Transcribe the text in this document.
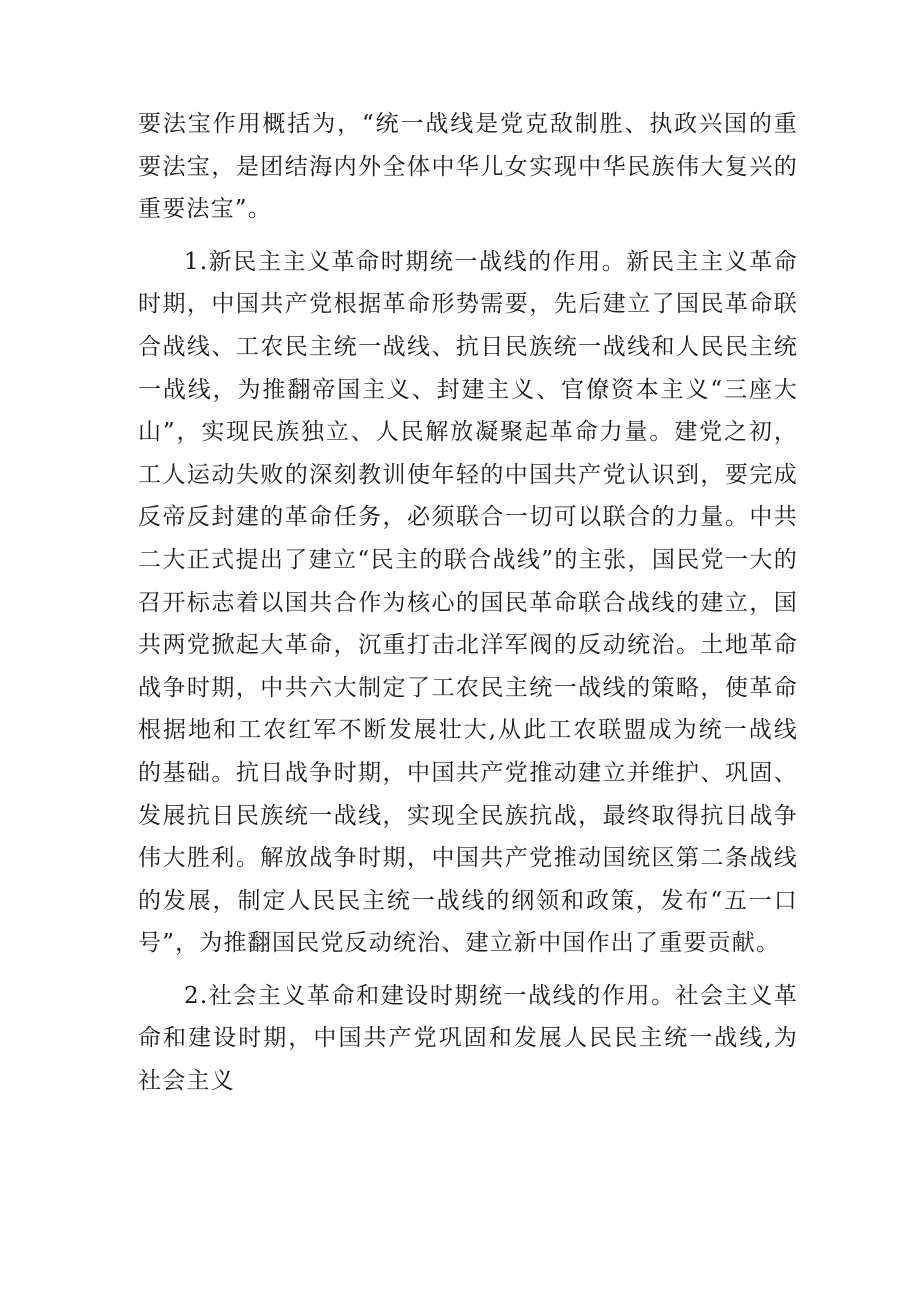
要法宝作用概括为，“统一战线是党克敌制胜、执政兴国的重要法宝，是团结海内外全体中华儿女实现中华民族伟大复兴的重要法宝”。

1.新民主主义革命时期统一战线的作用。新民主主义革命时期，中国共产党根据革命形势需要，先后建立了国民革命联合战线、工农民主统一战线、抗日民族统一战线和人民民主统一战线，为推翻帝国主义、封建主义、官僚资本主义“三座大山”，实现民族独立、人民解放凝聚起革命力量。建党之初，工人运动失败的深刻教训使年轻的中国共产党认识到，要完成反帝反封建的革命任务，必须联合一切可以联合的力量。中共二大正式提出了建立“民主的联合战线”的主张，国民党一大的召开标志着以国共合作为核心的国民革命联合战线的建立，国共两党掀起大革命，沉重打击北洋军阀的反动统治。土地革命战争时期，中共六大制定了工农民主统一战线的策略，使革命根据地和工农红军不断发展壮大,从此工农联盟成为统一战线的基础。抗日战争时期，中国共产党推动建立并维护、巩固、发展抗日民族统一战线，实现全民族抗战，最终取得抗日战争伟大胜利。解放战争时期，中国共产党推动国统区第二条战线的发展，制定人民民主统一战线的纲领和政策，发布“五一口号”，为推翻国民党反动统治、建立新中国作出了重要贡献。

2.社会主义革命和建设时期统一战线的作用。社会主义革命和建设时期，中国共产党巩固和发展人民民主统一战线,为社会主义
